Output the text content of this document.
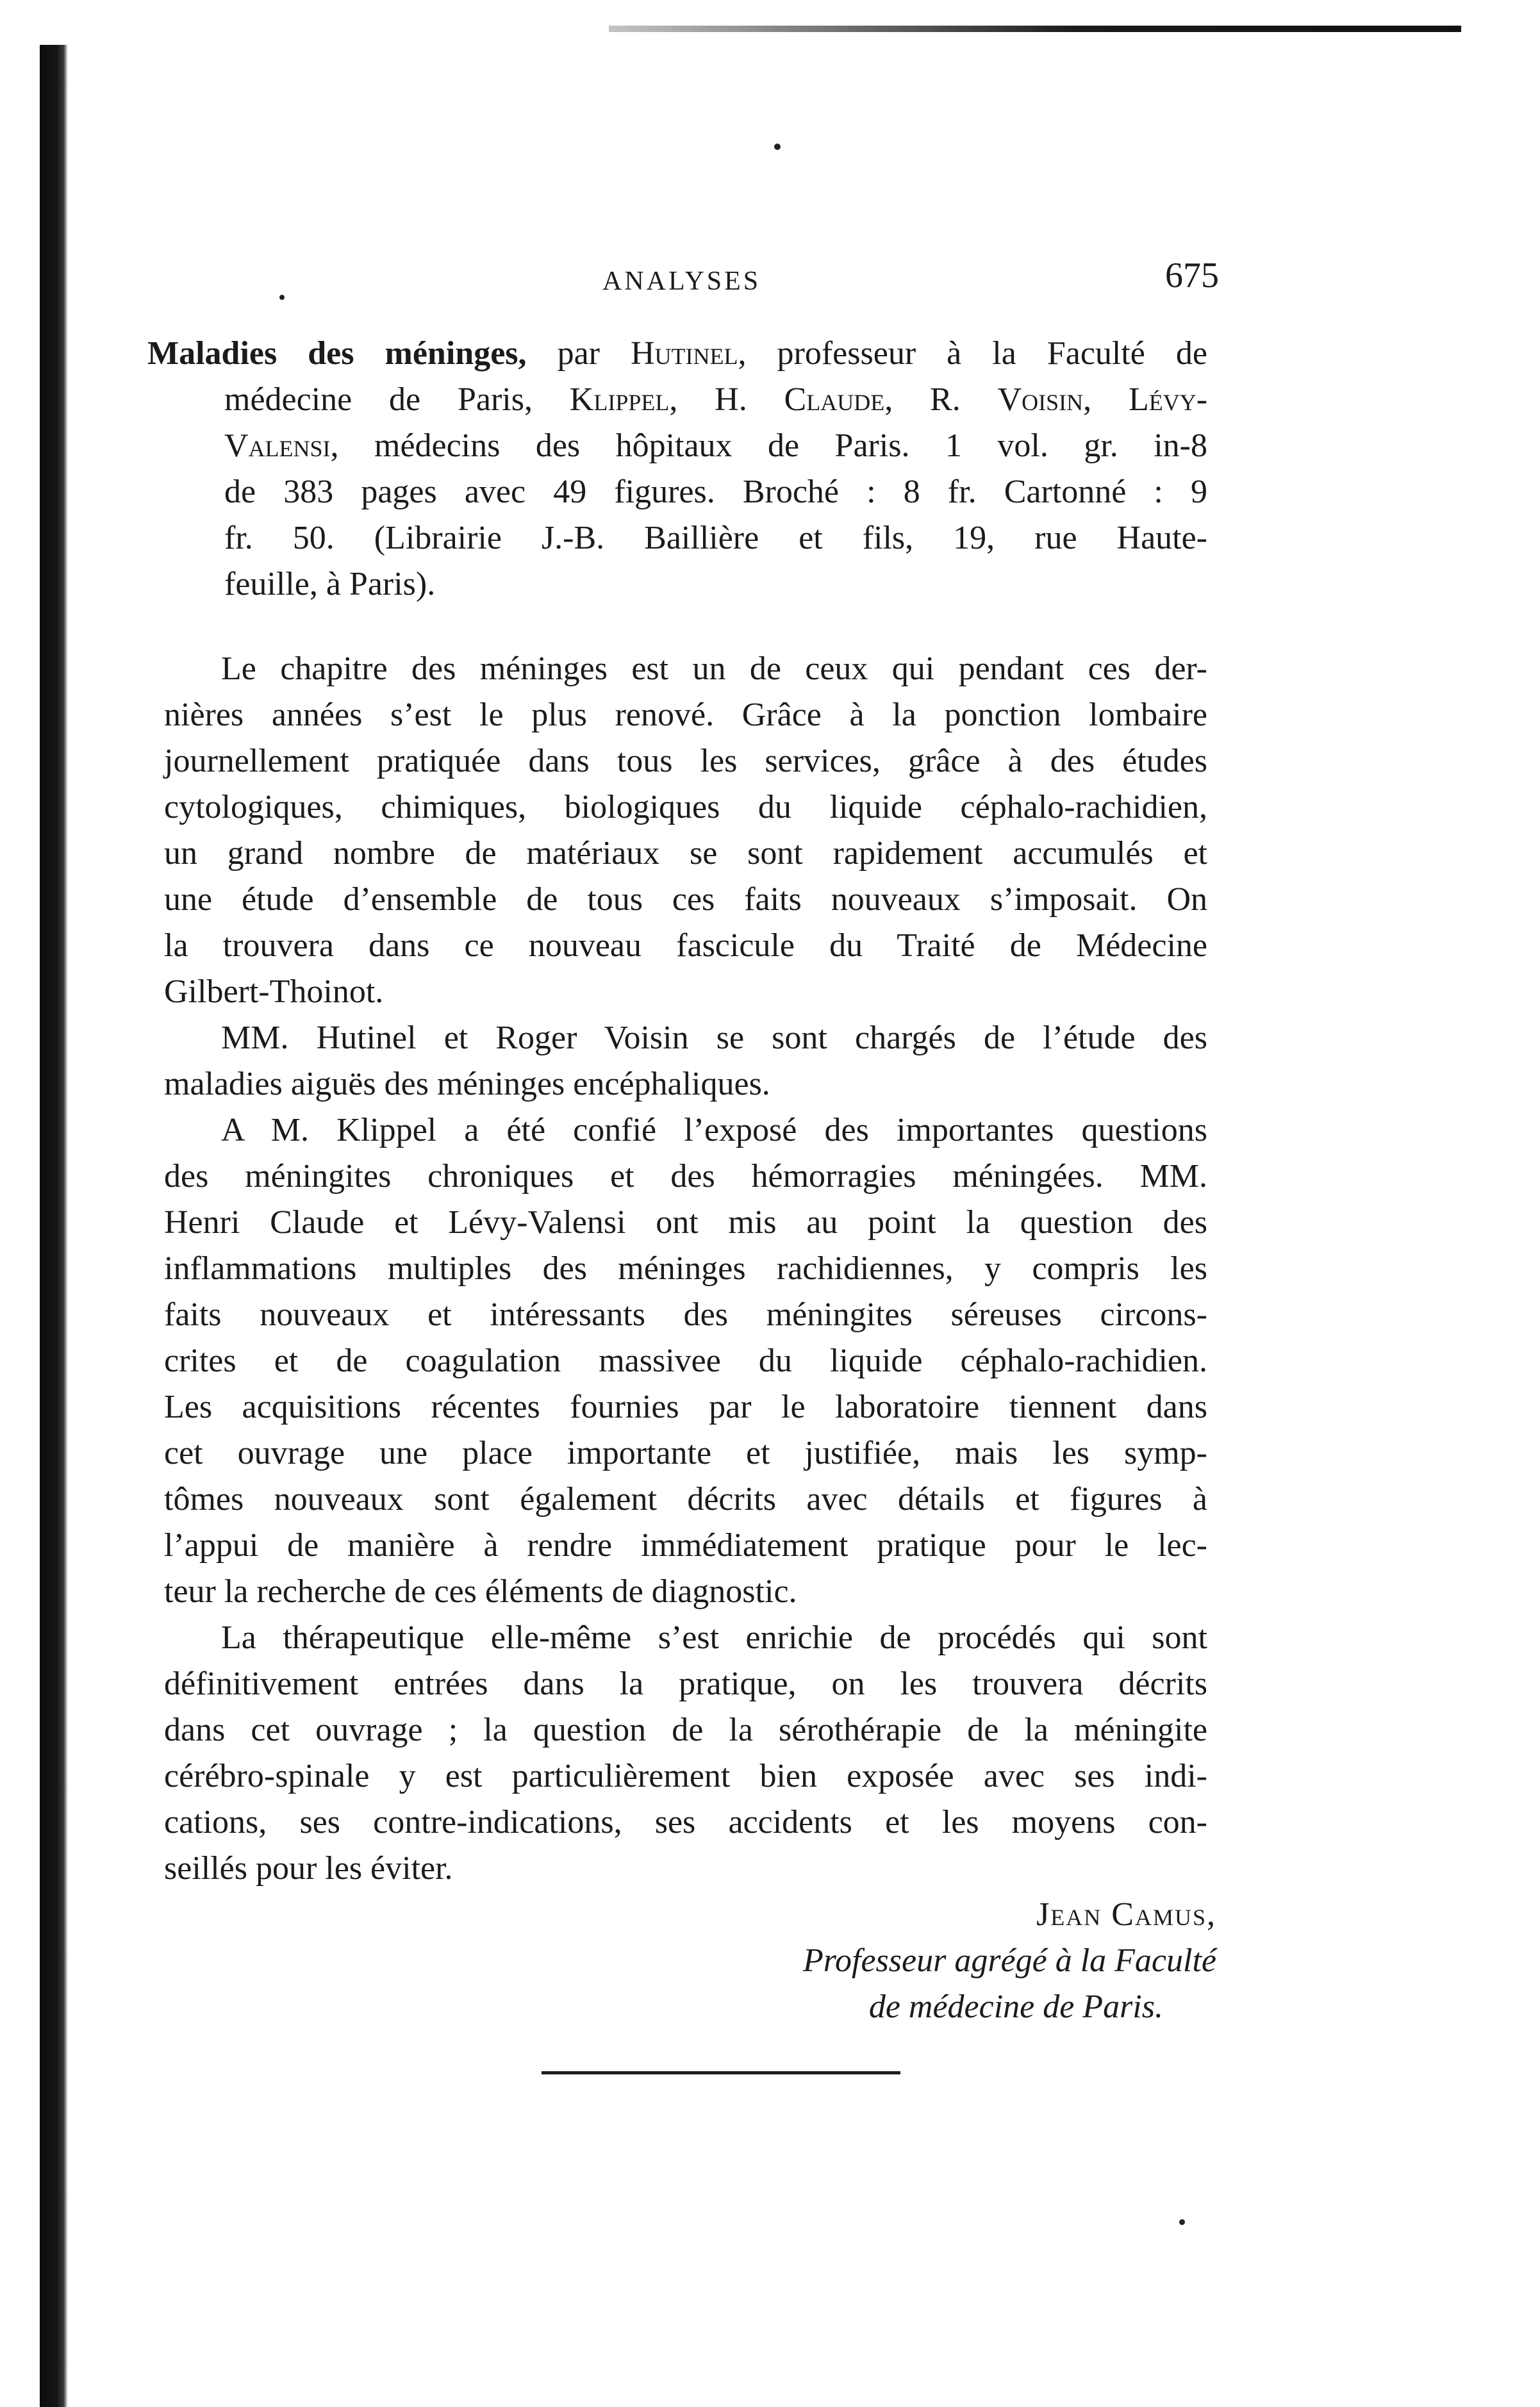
ANALYSES	675
Maladies des méninges, par Hutinel, professeur à la Faculté de
médecine de Paris, Klippel, H. Claude, R. Voisin, Lévy-
Valensi, médecins des hôpitaux de Paris. 1 vol. gr. in-8
de 383 pages avec 49 figures. Broché : 8 fr. Cartonné : 9
fr. 50. (Librairie J.-B. Baillière et fils, 19, rue Haute-
feuille, à Paris).
Le chapitre des méninges est un de ceux qui pendant ces der-
nières années s’est le plus renové. Grâce à la ponction lombaire
journellement pratiquée dans tous les services, grâce à des études
cytologiques, chimiques, biologiques du liquide céphalo-rachidien,
un grand nombre de matériaux se sont rapidement accumulés et
une étude d’ensemble de tous ces faits nouveaux s’imposait. On
la trouvera dans ce nouveau fascicule du Traité de Médecine
Gilbert-Thoinot.
MM. Hutinel et Roger Voisin se sont chargés de l’étude des
maladies aiguës des méninges encéphaliques.
A M. Klippel a été confié l’exposé des importantes questions
des méningites chroniques et des hémorragies méningées. MM.
Henri Claude et Lévy-Valensi ont mis au point la question des
inflammations multiples des méninges rachidiennes, y compris les
faits nouveaux et intéressants des méningites séreuses circons-
crites et de coagulation massivee du liquide céphalo-rachidien.
Les acquisitions récentes fournies par le laboratoire tiennent dans
cet ouvrage une place importante et justifiée, mais les symp-
tômes nouveaux sont également décrits avec détails et figures à
l’appui de manière à rendre immédiatement pratique pour le lec-
teur la recherche de ces éléments de diagnostic.
La thérapeutique elle-même s’est enrichie de procédés qui sont
définitivement entrées dans la pratique, on les trouvera décrits
dans cet ouvrage ; la question de la sérothérapie de la méningite
cérébro-spinale y est particulièrement bien exposée avec ses indi-
cations, ses contre-indications, ses accidents et les moyens con-
seillés pour les éviter.
Jean Camus,
Professeur agrégé à la Faculté
de médecine de Paris.
